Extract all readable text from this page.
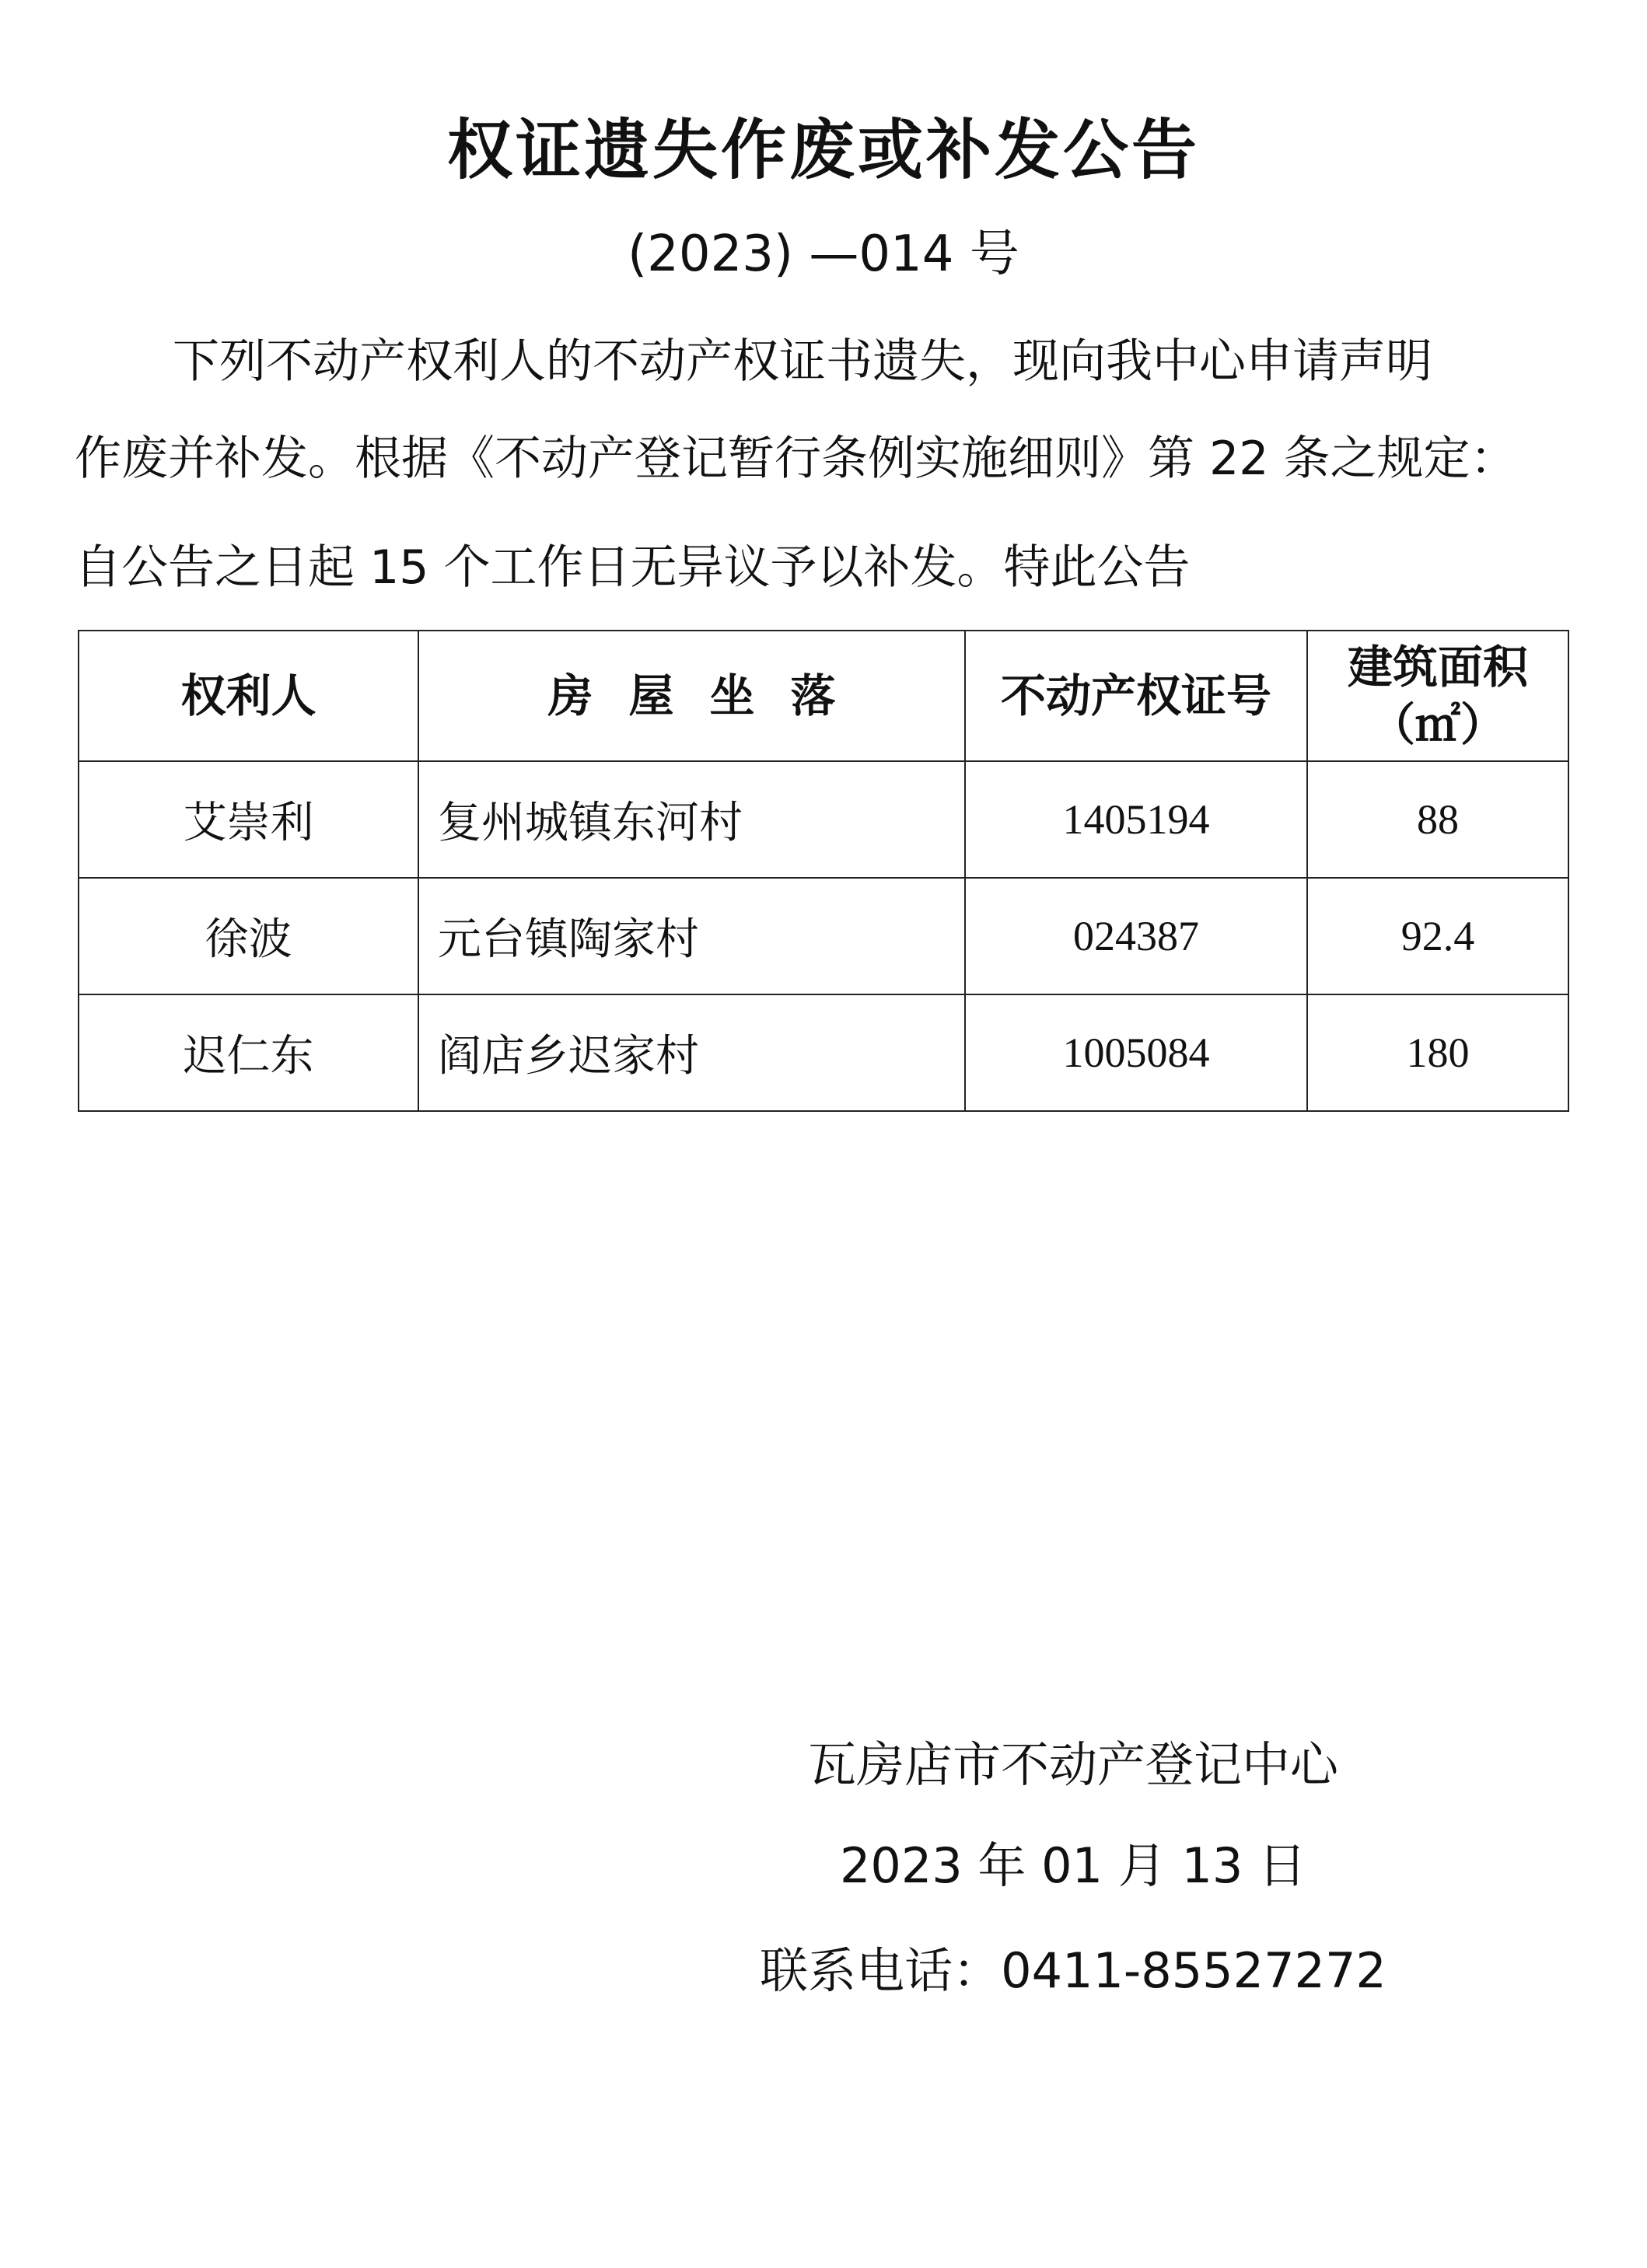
权证遗失作废或补发公告
(2023) —014 号
下列不动产权利人的不动产权证书遗失，现向我中心申请声明
作废并补发。根据《不动产登记暂行条例实施细则》第 22 条之规定：
自公告之日起 15 个工作日无异议予以补发。特此公告
权利人	房屋坐落	不动产权证号	建筑面积
（㎡）

艾崇利	复州城镇东河村	1405194	88
徐波	元台镇陶家村	024387	92.4
迟仁东	阎店乡迟家村	1005084	180
瓦房店市不动产登记中心
2023 年 01 月 13 日
联系电话：0411-85527272
